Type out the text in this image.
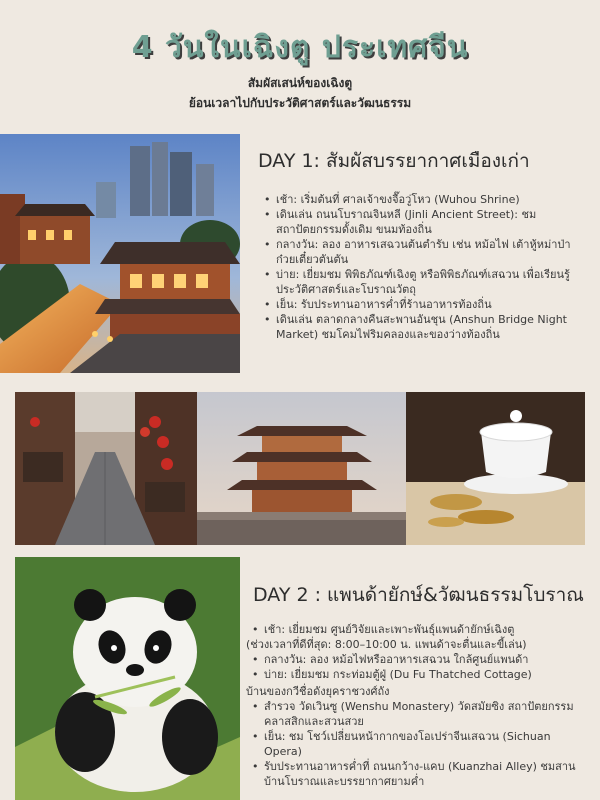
4 วันในเฉิงตู ประเทศจีน
สัมผัสเสน่ห์ของเฉิงตู
ย้อนเวลาไปกับประวัติศาสตร์และวัฒนธรรม
DAY 1: สัมผัสบรรยากาศเมืองเก่า
• เช้า: เริ่มต้นที่ ศาลเจ้าขงจื๊อวู่โหว (Wuhou Shrine)
• เดินเล่น ถนนโบราณจินหลี (Jinli Ancient Street): ชมสถาปัตยกรรมดั้งเดิม ขนมท้องถิ่น
• กลางวัน: ลอง อาหารเสฉวนต้นตำรับ เช่น หม้อไฟ เต้าหู้หม่าป่า ก๋วยเตี๋ยวตันตัน
• บ่าย: เยี่ยมชม พิพิธภัณฑ์เฉิงตู หรือพิพิธภัณฑ์เสฉวน เพื่อเรียนรู้ประวัติศาสตร์และโบราณวัตถุ
• เย็น: รับประทานอาหารค่ำที่ร้านอาหารท้องถิ่น
• เดินเล่น ตลาดกลางคืนสะพานอันชุน (Anshun Bridge Night Market) ชมโคมไฟริมคลองและของว่างท้องถิ่น
DAY 2 : แพนด้ายักษ์&วัฒนธรรมโบราณ
• เช้า: เยี่ยมชม ศูนย์วิจัยและเพาะพันธุ์แพนด้ายักษ์เฉิงตู
(ช่วงเวลาที่ดีที่สุด: 8:00–10:00 น. แพนด้าจะตื่นและขี้เล่น)
• กลางวัน: ลอง หม้อไฟหรืออาหารเสฉวน ใกล้ศูนย์แพนด้า
• บ่าย: เยี่ยมชม กระท่อมตู้ฝู่ (Du Fu Thatched Cottage)
บ้านของกวีชื่อดังยุคราชวงศ์ถัง
• สำรวจ วัดเวินซู (Wenshu Monastery) วัดสมัยซิง สถาปัตยกรรมคลาสสิกและสวนสวย
• เย็น: ชม โชว์เปลี่ยนหน้ากากของโอเปร่าจีนเสฉวน (Sichuan Opera)
• รับประทานอาหารค่ำที่ ถนนกว้าง-แคบ (Kuanzhai Alley) ชมสานบ้านโบราณและบรรยากาศยามค่ำ
